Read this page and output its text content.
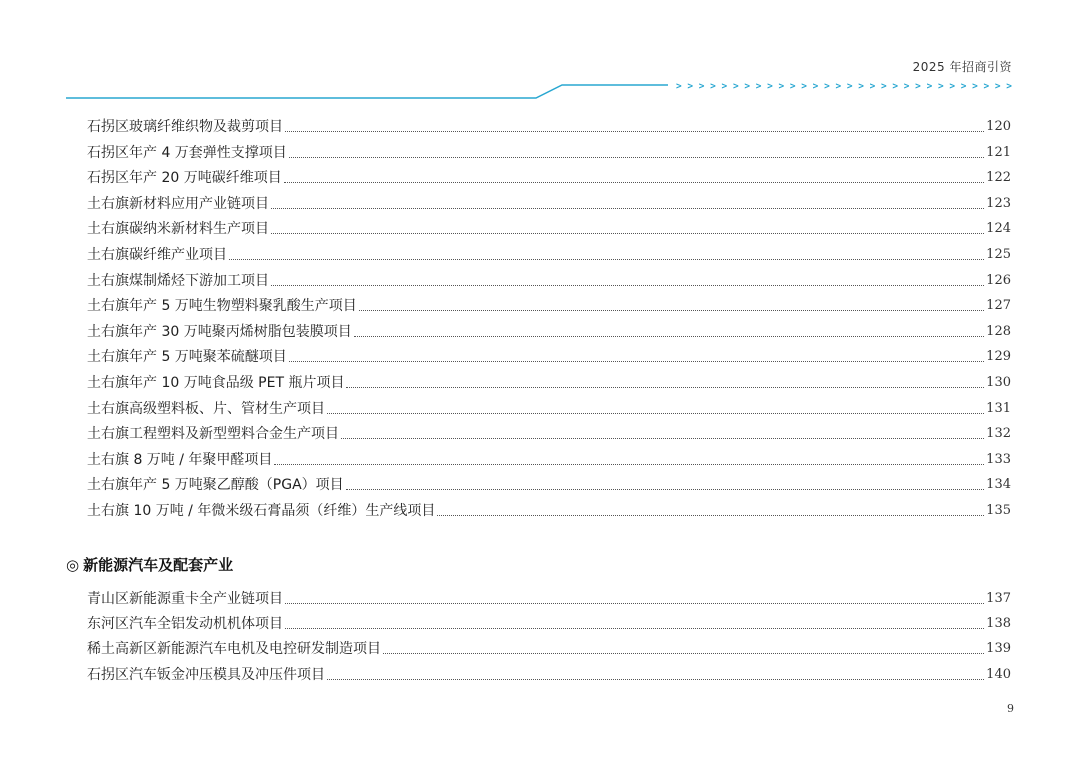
2025 年招商引资
> > > > > > > > > > > > > > > > > > > > > > > > > > > > > >
石拐区玻璃纤维织物及裁剪项目	120
石拐区年产 4 万套弹性支撑项目	121
石拐区年产 20 万吨碳纤维项目	122
土右旗新材料应用产业链项目	123
土右旗碳纳米新材料生产项目	124
土右旗碳纤维产业项目	125
土右旗煤制烯烃下游加工项目	126
土右旗年产 5 万吨生物塑料聚乳酸生产项目	127
土右旗年产 30 万吨聚丙烯树脂包装膜项目	128
土右旗年产 5 万吨聚苯硫醚项目	129
土右旗年产 10 万吨食品级 PET 瓶片项目	130
土右旗高级塑料板、片、管材生产项目	131
土右旗工程塑料及新型塑料合金生产项目	132
土右旗 8 万吨 / 年聚甲醛项目	133
土右旗年产 5 万吨聚乙醇酸（PGA）项目	134
土右旗 10 万吨 / 年微米级石膏晶须（纤维）生产线项目	135
◎ 新能源汽车及配套产业
青山区新能源重卡全产业链项目	137
东河区汽车全铝发动机机体项目	138
稀土高新区新能源汽车电机及电控研发制造项目	139
石拐区汽车钣金冲压模具及冲压件项目	140
9
